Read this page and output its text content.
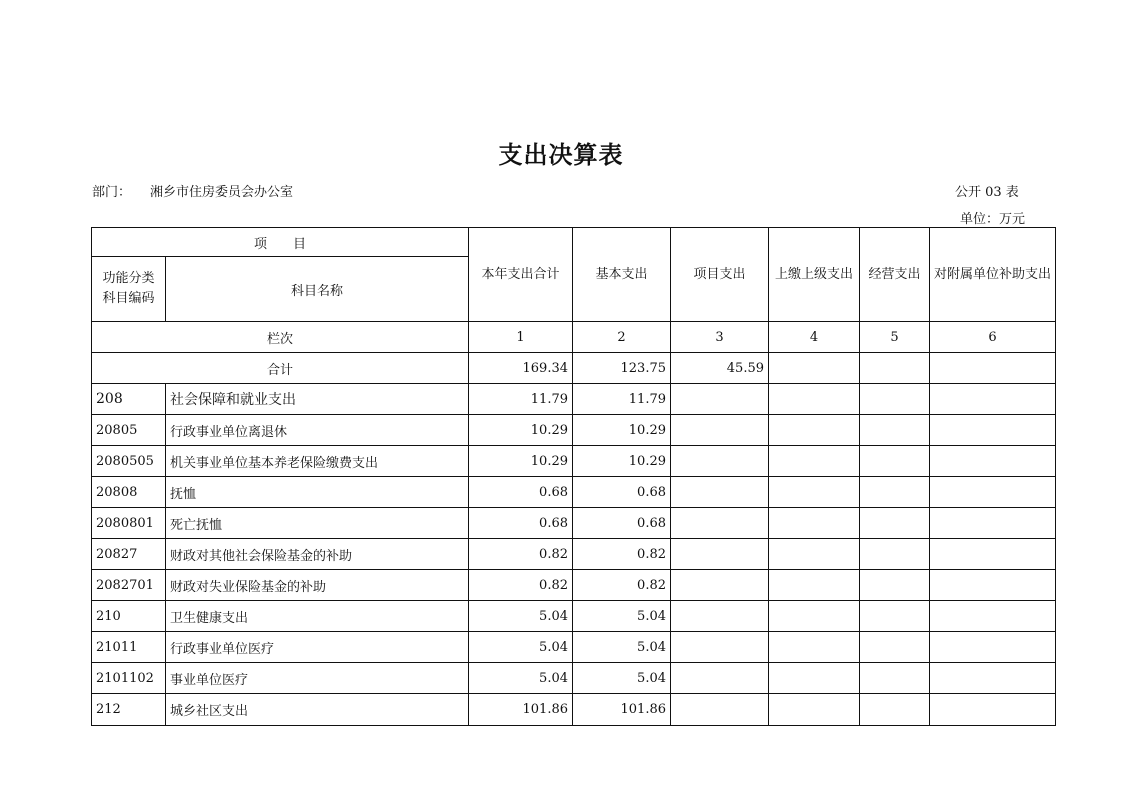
支出决算表
部门： 湘乡市住房委员会办公室	公开 03 表
单位：万元
项　　目		本年支出合计	基本支出	项目支出	上缴上级支出	经营支出	对附属单位补助支出
功能分类
科目编码	科目名称						
栏次		1	2	3	4	5	6
合计		169.34	123.75	45.59			
208	社会保障和就业支出	11.79	11.79				
20805	行政事业单位离退休	10.29	10.29				
2080505	机关事业单位基本养老保险缴费支出	10.29	10.29				
20808	抚恤	0.68	0.68				
2080801	死亡抚恤	0.68	0.68				
20827	财政对其他社会保险基金的补助	0.82	0.82				
2082701	财政对失业保险基金的补助	0.82	0.82				
210	卫生健康支出	5.04	5.04				
21011	行政事业单位医疗	5.04	5.04				
2101102	事业单位医疗	5.04	5.04				
212	城乡社区支出	101.86	101.86				
